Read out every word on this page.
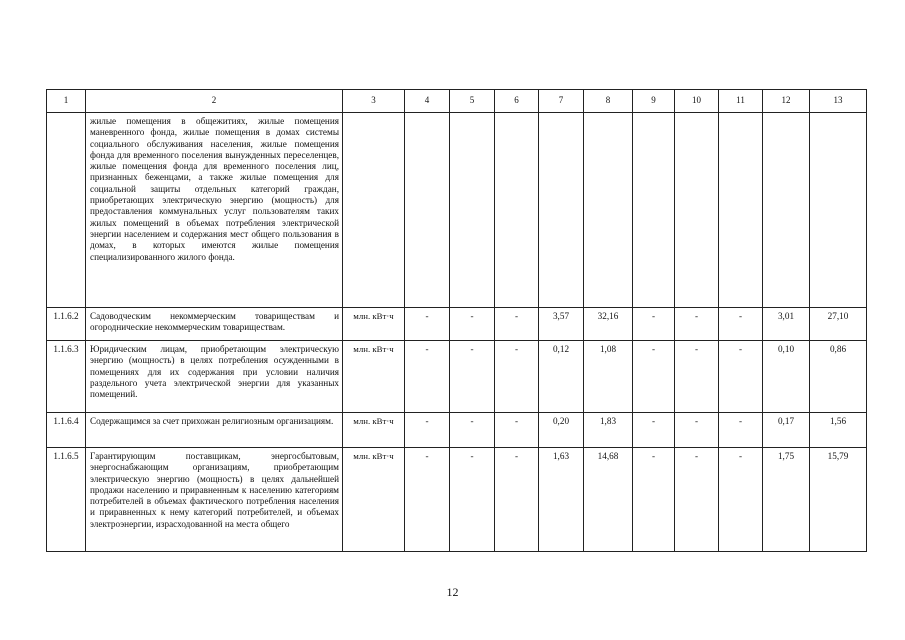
1	2	3	4	5	6	7	8	9	10	11	12	13
	жилые помещения в общежитиях, жилые помещения маневренного фонда, жилые помещения в домах системы социального обслуживания населения, жилые помещения фонда для временного поселения вынужденных переселенцев, жилые помещения фонда для временного поселения лиц, признанных беженцами, а также жилые помещения для социальной защиты отдельных категорий граждан, приобретающих электрическую энергию (мощность) для предоставления коммунальных услуг пользователям таких жилых помещений в объемах потребления электрической энергии населением и содержания мест общего пользования в домах, в которых имеются жилые помещения специализированного жилого фонда.											
1.1.6.2	Садоводческим некоммерческим товариществам и огороднические некоммерческим товариществам.	млн. кВт·ч	-	-	-	3,57	32,16	-	-	-	3,01	27,10
1.1.6.3	Юридическим лицам, приобретающим электрическую энергию (мощность) в целях потребления осужденными в помещениях для их содержания при условии наличия раздельного учета электрической энергии для указанных помещений.	млн. кВт·ч	-	-	-	0,12	1,08	-	-	-	0,10	0,86
1.1.6.4	Содержащимся за счет прихожан религиозным организациям.	млн. кВт·ч	-	-	-	0,20	1,83	-	-	-	0,17	1,56
1.1.6.5	Гарантирующим поставщикам, энергосбытовым, энергоснабжающим организациям, приобретающим электрическую энергию (мощность) в целях дальнейшей продажи населению и приравненным к населению категориям потребителей в объемах фактического потребления населения и приравненных к нему категорий потребителей, и объемах электроэнергии, израсходованной на места общего	млн. кВт·ч	-	-	-	1,63	14,68	-	-	-	1,75	15,79
12
